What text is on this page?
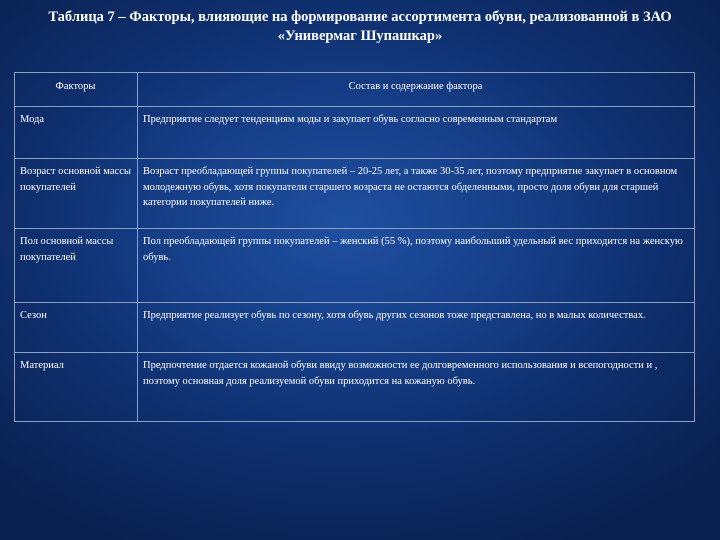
Таблица 7 – Факторы, влияющие на формирование ассортимента обуви, реализованной в ЗАО
«Универмаг Шупашкар»
Факторы	Состав и содержание фактора
Мода	Предприятие следует тенденциям моды и закупает обувь согласно современным стандартам
Возраст основной массы покупателей	Возраст преобладающей группы покупателей – 20-25 лет, а также 30-35 лет, поэтому предприятие закупает в основном молодежную обувь, хотя покупатели старшего возраста не остаются обделенными, просто доля обуви для старшей категории покупателей ниже.
Пол основной массы покупателей	Пол преобладающей группы покупателей – женский (55 %), поэтому наибольший удельный вес приходится на женскую обувь.
Сезон	Предприятие реализует обувь по сезону, хотя обувь других сезонов тоже представлена, но в малых количествах.
Материал	Предпочтение отдается кожаной обуви ввиду возможности ее долговременного использования и всепогодности и , поэтому основная доля реализуемой обуви приходится на кожаную обувь.
